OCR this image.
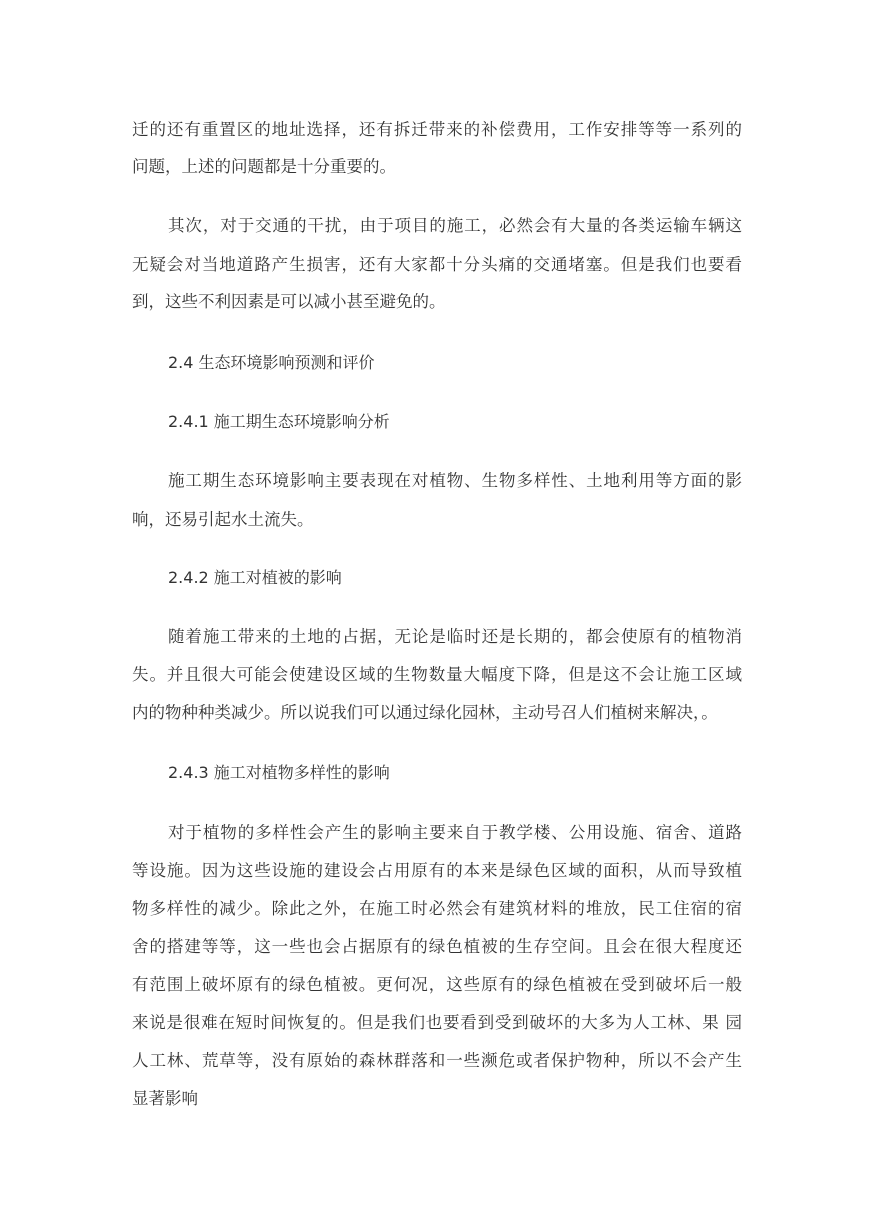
迁的还有重置区的地址选择，还有拆迁带来的补偿费用，工作安排等等一系列的

问题，上述的问题都是十分重要的。

其次，对于交通的干扰，由于项目的施工，必然会有大量的各类运输车辆这

无疑会对当地道路产生损害，还有大家都十分头痛的交通堵塞。但是我们也要看

到，这些不利因素是可以减小甚至避免的。

2.4 生态环境影响预测和评价
2.4.1 施工期生态环境影响分析

施工期生态环境影响主要表现在对植物、生物多样性、土地利用等方面的影

响，还易引起水土流失。

2.4.2 施工对植被的影响

随着施工带来的土地的占据，无论是临时还是长期的，都会使原有的植物消

失。并且很大可能会使建设区域的生物数量大幅度下降，但是这不会让施工区域

内的物种种类减少。所以说我们可以通过绿化园林，主动号召人们植树来解决，。

2.4.3 施工对植物多样性的影响

对于植物的多样性会产生的影响主要来自于教学楼、公用设施、宿舍、道路

等设施。因为这些设施的建设会占用原有的本来是绿色区域的面积，从而导致植

物多样性的减少。除此之外，在施工时必然会有建筑材料的堆放，民工住宿的宿

舍的搭建等等，这一些也会占据原有的绿色植被的生存空间。且会在很大程度还

有范围上破坏原有的绿色植被。更何况，这些原有的绿色植被在受到破坏后一般

来说是很难在短时间恢复的。但是我们也要看到受到破坏的大多为人工林、果 园

人工林、荒草等，没有原始的森林群落和一些濒危或者保护物种，所以不会产生

显著影响
